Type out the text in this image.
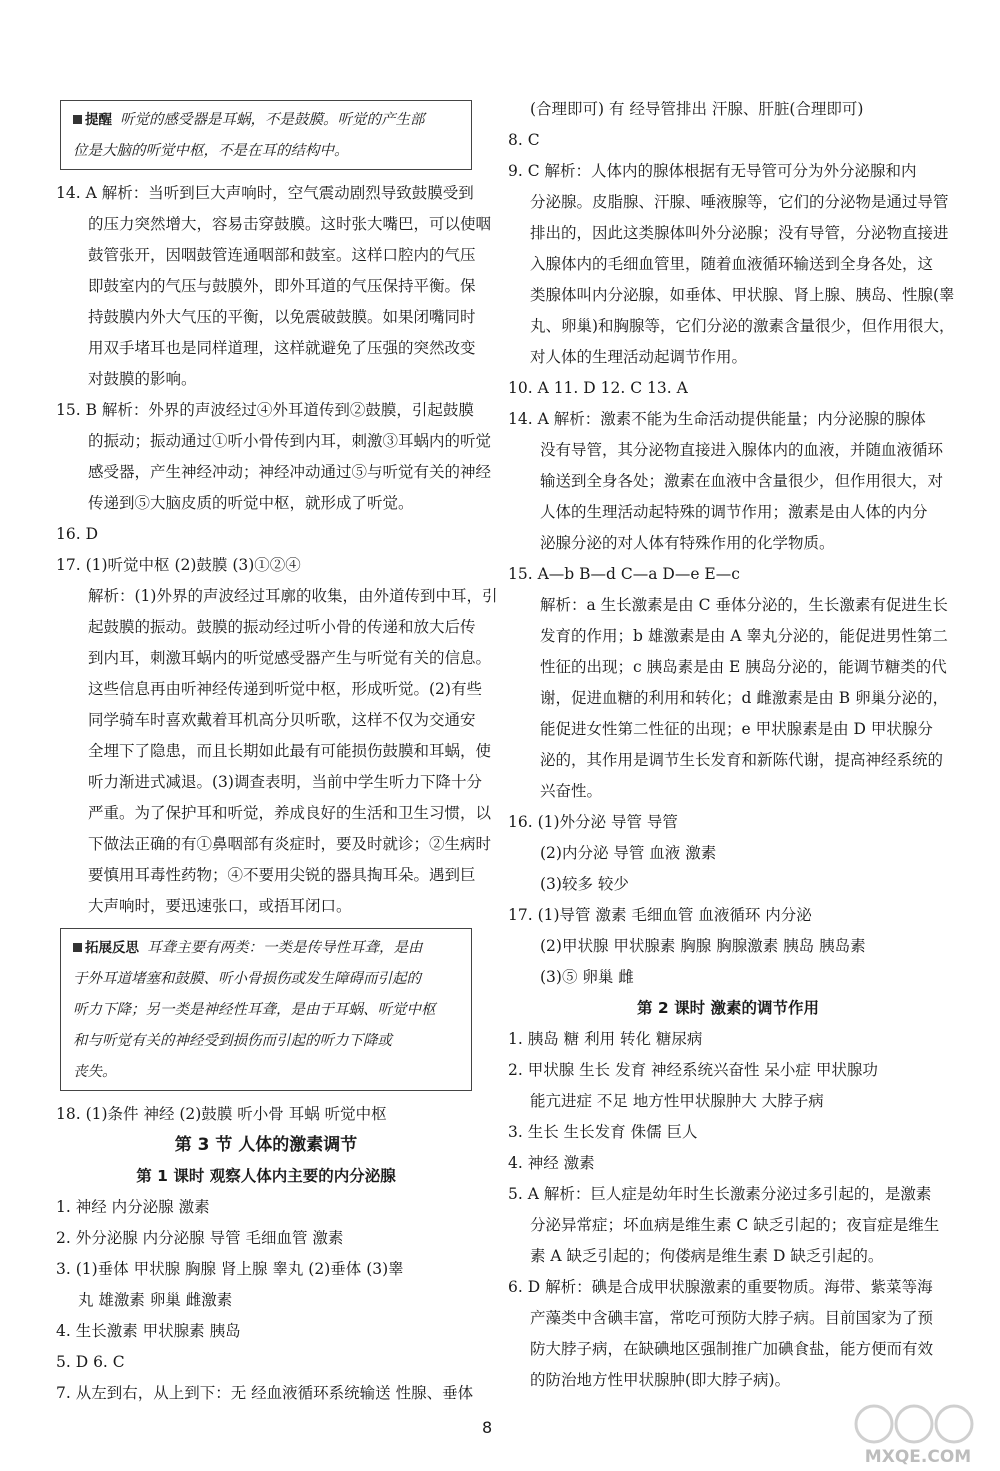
提醒 听觉的感受器是耳蜗，不是鼓膜。听觉的产生部
位是大脑的听觉中枢，不是在耳的结构中。
14. A 解析：当听到巨大声响时，空气震动剧烈导致鼓膜受到
的压力突然增大，容易击穿鼓膜。这时张大嘴巴，可以使咽
鼓管张开，因咽鼓管连通咽部和鼓室。这样口腔内的气压
即鼓室内的气压与鼓膜外，即外耳道的气压保持平衡。保
持鼓膜内外大气压的平衡，以免震破鼓膜。如果闭嘴同时
用双手堵耳也是同样道理，这样就避免了压强的突然改变
对鼓膜的影响。
15. B 解析：外界的声波经过④外耳道传到②鼓膜，引起鼓膜
的振动；振动通过①听小骨传到内耳，刺激③耳蜗内的听觉
感受器，产生神经冲动；神经冲动通过⑤与听觉有关的神经
传递到⑤大脑皮质的听觉中枢，就形成了听觉。
16. D
17. (1)听觉中枢 (2)鼓膜 (3)①②④
解析：(1)外界的声波经过耳廓的收集，由外道传到中耳，引
起鼓膜的振动。鼓膜的振动经过听小骨的传递和放大后传
到内耳，刺激耳蜗内的听觉感受器产生与听觉有关的信息。
这些信息再由听神经传递到听觉中枢，形成听觉。(2)有些
同学骑车时喜欢戴着耳机高分贝听歌，这样不仅为交通安
全埋下了隐患，而且长期如此最有可能损伤鼓膜和耳蜗，使
听力渐进式减退。(3)调查表明，当前中学生听力下降十分
严重。为了保护耳和听觉，养成良好的生活和卫生习惯，以
下做法正确的有①鼻咽部有炎症时，要及时就诊；②生病时
要慎用耳毒性药物；④不要用尖锐的器具掏耳朵。遇到巨
大声响时，要迅速张口，或捂耳闭口。
拓展反思 耳聋主要有两类：一类是传导性耳聋，是由
于外耳道堵塞和鼓膜、听小骨损伤或发生障碍而引起的
听力下降；另一类是神经性耳聋，是由于耳蜗、听觉中枢
和与听觉有关的神经受到损伤而引起的听力下降或
丧失。
18. (1)条件 神经 (2)鼓膜 听小骨 耳蜗 听觉中枢
第 3 节 人体的激素调节
第 1 课时 观察人体内主要的内分泌腺
1. 神经 内分泌腺 激素
2. 外分泌腺 内分泌腺 导管 毛细血管 激素
3. (1)垂体 甲状腺 胸腺 肾上腺 睾丸 (2)垂体 (3)睾
丸 雄激素 卵巢 雌激素
4. 生长激素 甲状腺素 胰岛
5. D 6. C
7. 从左到右，从上到下：无 经血液循环系统输送 性腺、垂体
(合理即可) 有 经导管排出 汗腺、肝脏(合理即可)
8. C
9. C 解析：人体内的腺体根据有无导管可分为外分泌腺和内
分泌腺。皮脂腺、汗腺、唾液腺等，它们的分泌物是通过导管
排出的，因此这类腺体叫外分泌腺；没有导管，分泌物直接进
入腺体内的毛细血管里，随着血液循环输送到全身各处，这
类腺体叫内分泌腺，如垂体、甲状腺、肾上腺、胰岛、性腺(睾
丸、卵巢)和胸腺等，它们分泌的激素含量很少，但作用很大，
对人体的生理活动起调节作用。
10. A 11. D 12. C 13. A
14. A 解析：激素不能为生命活动提供能量；内分泌腺的腺体
没有导管，其分泌物直接进入腺体内的血液，并随血液循环
输送到全身各处；激素在血液中含量很少，但作用很大，对
人体的生理活动起特殊的调节作用；激素是由人体的内分
泌腺分泌的对人体有特殊作用的化学物质。
15. A—b B—d C—a D—e E—c
解析：a 生长激素是由 C 垂体分泌的，生长激素有促进生长
发育的作用；b 雄激素是由 A 睾丸分泌的，能促进男性第二
性征的出现；c 胰岛素是由 E 胰岛分泌的，能调节糖类的代
谢，促进血糖的利用和转化；d 雌激素是由 B 卵巢分泌的，
能促进女性第二性征的出现；e 甲状腺素是由 D 甲状腺分
泌的，其作用是调节生长发育和新陈代谢，提高神经系统的
兴奋性。
16. (1)外分泌 导管 导管
(2)内分泌 导管 血液 激素
(3)较多 较少
17. (1)导管 激素 毛细血管 血液循环 内分泌
(2)甲状腺 甲状腺素 胸腺 胸腺激素 胰岛 胰岛素
(3)⑤ 卵巢 雌
第 2 课时 激素的调节作用
1. 胰岛 糖 利用 转化 糖尿病
2. 甲状腺 生长 发育 神经系统兴奋性 呆小症 甲状腺功
能亢进症 不足 地方性甲状腺肿大 大脖子病
3. 生长 生长发育 侏儒 巨人
4. 神经 激素
5. A 解析：巨人症是幼年时生长激素分泌过多引起的，是激素
分泌异常症；坏血病是维生素 C 缺乏引起的；夜盲症是维生
素 A 缺乏引起的；佝偻病是维生素 D 缺乏引起的。
6. D 解析：碘是合成甲状腺激素的重要物质。海带、紫菜等海
产藻类中含碘丰富，常吃可预防大脖子病。目前国家为了预
防大脖子病，在缺碘地区强制推广加碘食盐，能方便而有效
的防治地方性甲状腺肿(即大脖子病)。
8
MXQE.COM
